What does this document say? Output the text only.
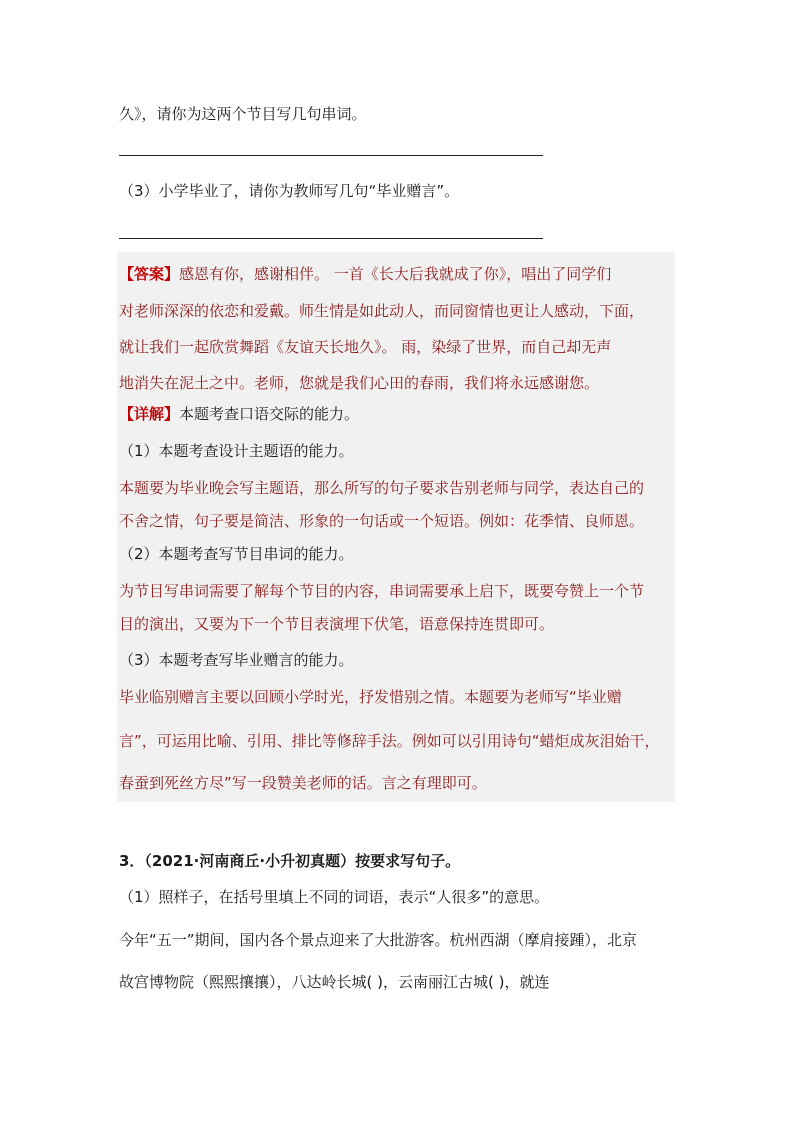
久》，请你为这两个节目写几句串词。
（3）小学毕业了，请你为教师写几句“毕业赠言”。
【答案】感恩有你，感谢相伴。 一首《长大后我就成了你》，唱出了同学们
对老师深深的依恋和爱戴。师生情是如此动人，而同窗情也更让人感动，下面，
就让我们一起欣赏舞蹈《友谊天长地久》。 雨，染绿了世界，而自己却无声
地消失在泥土之中。老师，您就是我们心田的春雨，我们将永远感谢您。
【详解】本题考查口语交际的能力。
（1）本题考查设计主题语的能力。
本题要为毕业晚会写主题语，那么所写的句子要求告别老师与同学，表达自己的
不舍之情，句子要是简洁、形象的一句话或一个短语。例如：花季情、良师恩。
（2）本题考查写节目串词的能力。
为节目写串词需要了解每个节目的内容，串词需要承上启下，既要夸赞上一个节
目的演出，又要为下一个节目表演埋下伏笔，语意保持连贯即可。
（3）本题考查写毕业赠言的能力。
毕业临别赠言主要以回顾小学时光，抒发惜别之情。本题要为老师写“毕业赠
言”，可运用比喻、引用、排比等修辞手法。例如可以引用诗句“蜡炬成灰泪始干，
春蚕到死丝方尽”写一段赞美老师的话。言之有理即可。
3．（2021·河南商丘·小升初真题）按要求写句子。
（1）照样子，在括号里填上不同的词语，表示“人很多”的意思。
今年“五一”期间，国内各个景点迎来了大批游客。杭州西湖（摩肩接踵），北京
故宫博物院（熙熙攘攘），八达岭长城( )，云南丽江古城( )，就连
